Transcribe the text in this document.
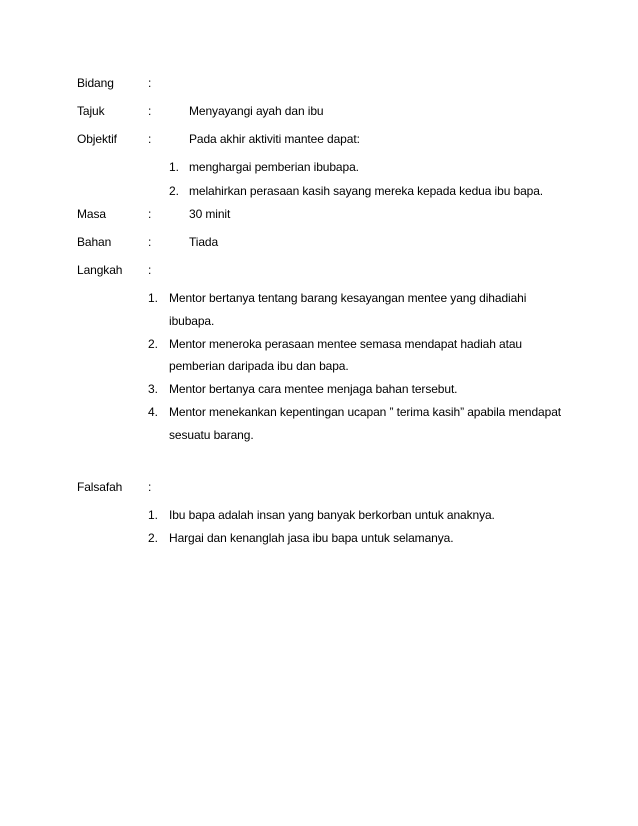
Bidang	:
Tajuk	:	Menyayangi ayah dan ibu
Objektif	:	Pada akhir aktiviti mantee dapat:
1. menghargai pemberian ibubapa.
2. melahirkan perasaan kasih sayang mereka kepada kedua ibu bapa.
Masa	:	30 minit
Bahan	:	Tiada
Langkah :
1. Mentor bertanya tentang barang kesayangan mentee yang dihadiahi
ibubapa.
2. Mentor meneroka perasaan mentee semasa mendapat hadiah atau
pemberian daripada ibu dan bapa.
3. Mentor bertanya cara mentee menjaga bahan tersebut.
4. Mentor menekankan kepentingan ucapan ” terima kasih” apabila mendapat
sesuatu barang.
Falsafah :
1. Ibu bapa adalah insan yang banyak berkorban untuk anaknya.
2. Hargai dan kenanglah jasa ibu bapa untuk selamanya.
